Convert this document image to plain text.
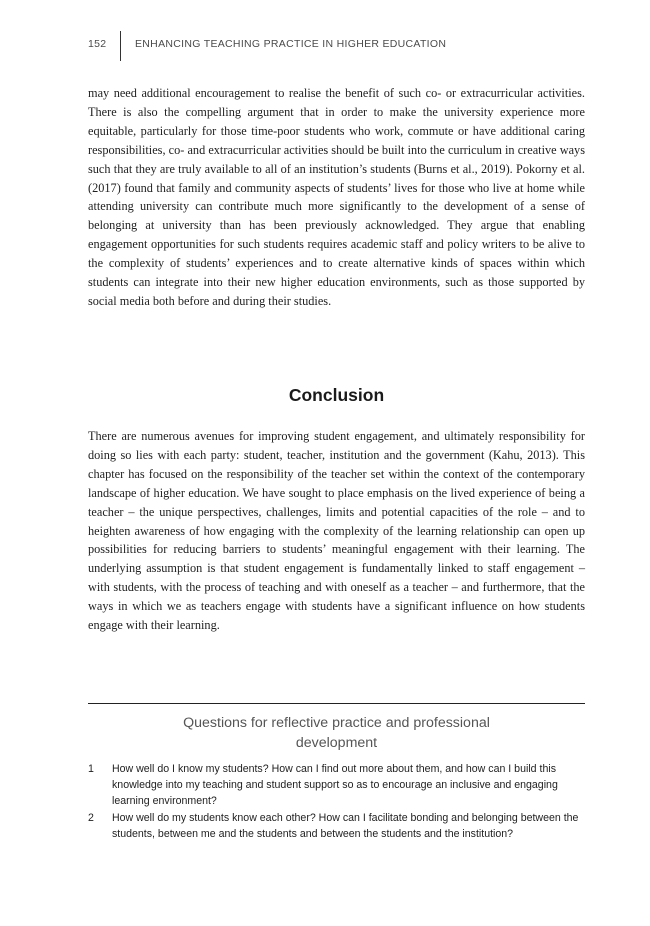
152	ENHANCING TEACHING PRACTICE IN HIGHER EDUCATION

may need additional encouragement to realise the benefit of such co- or extracurricular activities. There is also the compelling argument that in order to make the university experience more equitable, particularly for those time-poor students who work, commute or have additional caring responsibilities, co- and extracurricular activities should be built into the curriculum in creative ways such that they are truly available to all of an institution’s students (Burns et al., 2019). Pokorny et al. (2017) found that family and community aspects of students’ lives for those who live at home while attending university can contribute much more significantly to the development of a sense of belonging at university than has been previously acknowledged. They argue that enabling engagement opportunities for such students requires academic staff and policy writers to be alive to the complexity of students’ experiences and to create alternative kinds of spaces within which students can integrate into their new higher education environments, such as those supported by social media both before and during their studies.

Conclusion

There are numerous avenues for improving student engagement, and ultimately responsibility for doing so lies with each party: student, teacher, institution and the government (Kahu, 2013). This chapter has focused on the responsibility of the teacher set within the context of the contemporary landscape of higher education. We have sought to place emphasis on the lived experience of being a teacher – the unique perspectives, challenges, limits and potential capacities of the role – and to heighten awareness of how engaging with the complexity of the learning relationship can open up possibilities for reducing barriers to students’ meaningful engagement with their learning. The underlying assumption is that student engagement is fundamentally linked to staff engagement – with students, with the process of teaching and with oneself as a teacher – and furthermore, that the ways in which we as teachers engage with students have a significant influence on how students engage with their learning.

Questions for reflective practice and professional
development
1	How well do I know my students? How can I find out more about them, and how can I build this knowledge into my teaching and student support so as to encourage an inclusive and engaging learning environment?
2	How well do my students know each other? How can I facilitate bonding and belonging between the students, between me and the students and between the students and the institution?
